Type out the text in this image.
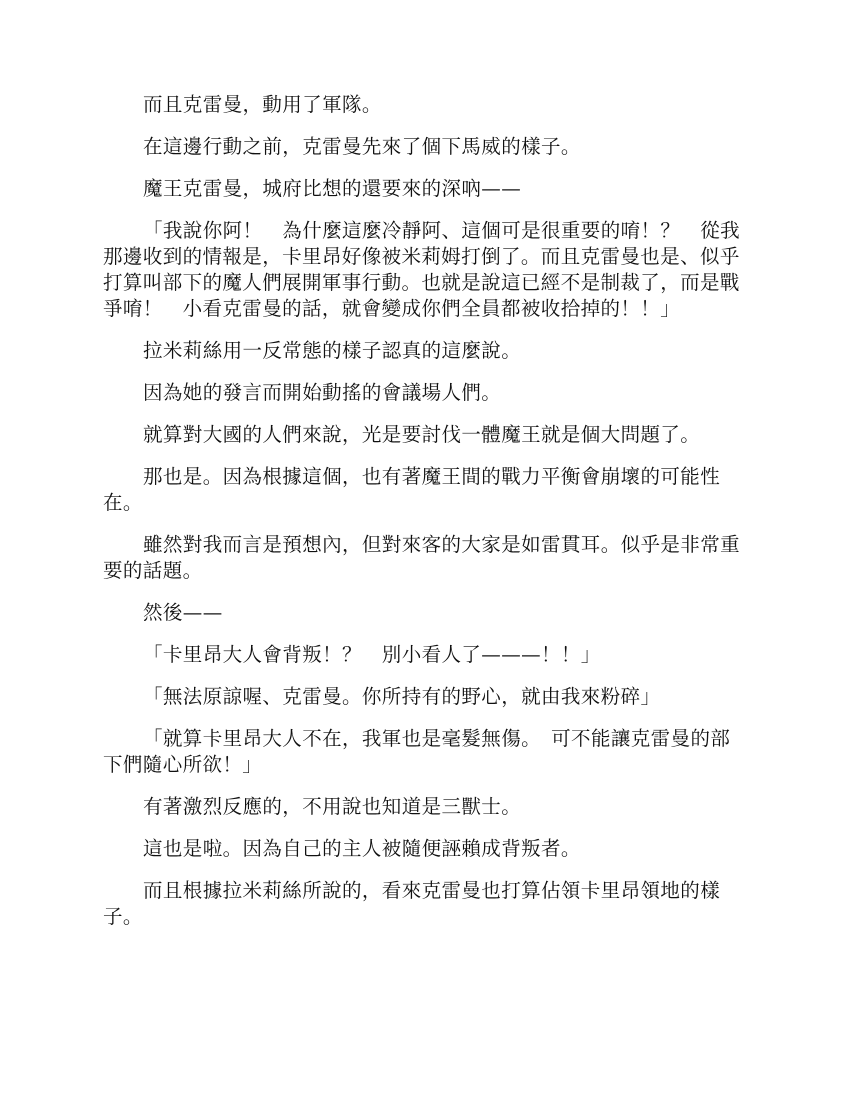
而且克雷曼，動用了軍隊。

在這邊行動之前，克雷曼先來了個下馬威的樣子。

魔王克雷曼，城府比想的還要來的深吶——

「我說你阿！　為什麼這麼冷靜阿、這個可是很重要的唷！？　從我那邊收到的情報是，卡里昂好像被米莉姆打倒了。而且克雷曼也是、似乎打算叫部下的魔人們展開軍事行動。也就是說這已經不是制裁了，而是戰爭唷！　小看克雷曼的話，就會變成你們全員都被收拾掉的！！」

拉米莉絲用一反常態的樣子認真的這麼說。

因為她的發言而開始動搖的會議場人們。

就算對大國的人們來說，光是要討伐一體魔王就是個大問題了。

那也是。因為根據這個，也有著魔王間的戰力平衡會崩壞的可能性在。

雖然對我而言是預想內，但對來客的大家是如雷貫耳。似乎是非常重要的話題。

然後——

「卡里昂大人會背叛！？　別小看人了———！！」

「無法原諒喔、克雷曼。你所持有的野心，就由我來粉碎」

「就算卡里昂大人不在，我軍也是毫髮無傷。　可不能讓克雷曼的部下們隨心所欲！」

有著激烈反應的，不用說也知道是三獸士。

這也是啦。因為自己的主人被隨便誣賴成背叛者。

而且根據拉米莉絲所說的，看來克雷曼也打算佔領卡里昂領地的樣子。
